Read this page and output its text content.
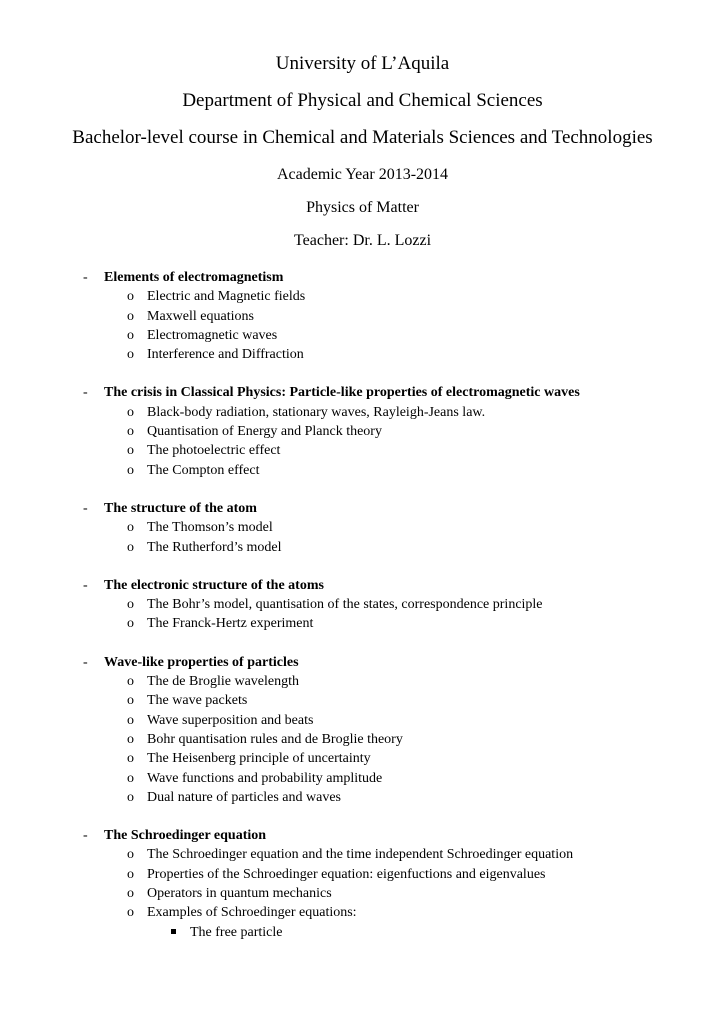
University of L’Aquila
Department of Physical and Chemical Sciences
Bachelor-level course in Chemical and Materials Sciences and Technologies
Academic Year 2013-2014
Physics of Matter
Teacher: Dr. L. Lozzi
- Elements of electromagnetism
o Electric and Magnetic fields
o Maxwell equations
o Electromagnetic waves
o Interference and Diffraction
- The crisis in Classical Physics: Particle-like properties of electromagnetic waves
o Black-body radiation, stationary waves, Rayleigh-Jeans law.
o Quantisation of Energy and Planck theory
o The photoelectric effect
o The Compton effect
- The structure of the atom
o The Thomson’s model
o The Rutherford’s model
- The electronic structure of the atoms
o The Bohr’s model, quantisation of the states, correspondence principle
o The Franck-Hertz experiment
- Wave-like properties of particles
o The de Broglie wavelength
o The wave packets
o Wave superposition and beats
o Bohr quantisation rules and de Broglie theory
o The Heisenberg principle of uncertainty
o Wave functions and probability amplitude
o Dual nature of particles and waves
- The Schroedinger equation
o The Schroedinger equation and the time independent Schroedinger equation
o Properties of the Schroedinger equation: eigenfuctions and eigenvalues
o Operators in quantum mechanics
o Examples of Schroedinger equations:
The free particle
